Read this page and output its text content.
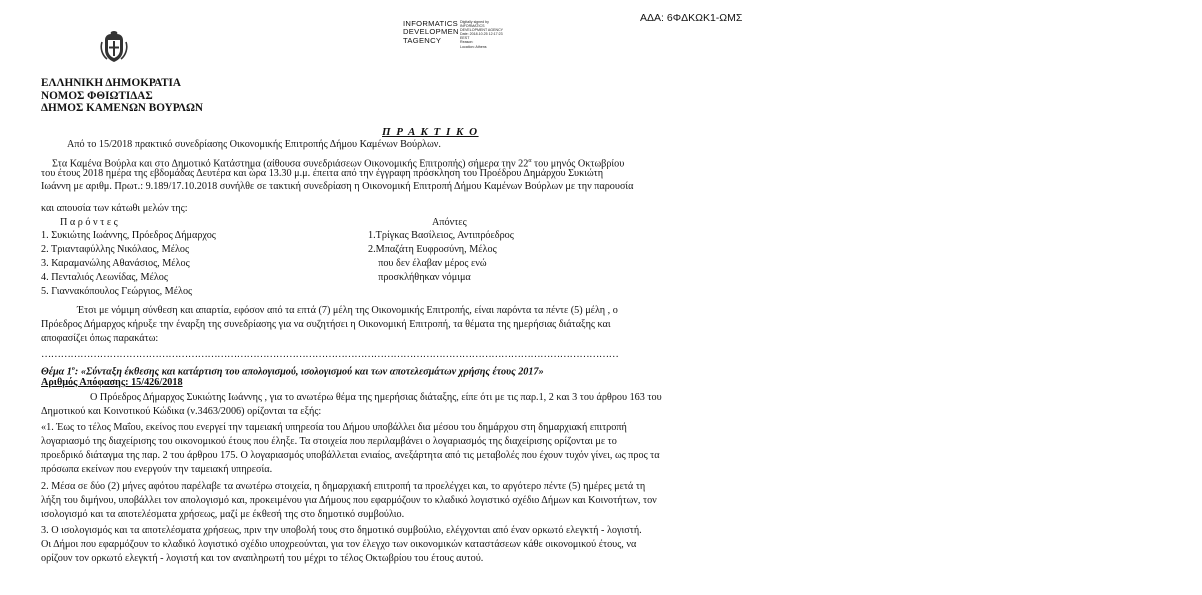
ΑΔΑ: 6ΦΔΚΩΚ1-ΩΜΣ
INFORMATICS
DEVELOPMEN
TAGENCY
Digitally signed by
INFORMATICS
DEVELOPMENT AGENCY
Date: 2018.10.25 12:17:23
EEST
Reason:
Location: Athens
ΕΛΛΗΝΙΚΗ ΔΗΜΟΚΡΑΤΙΑ
ΝΟΜΟΣ ΦΘΙΩΤΙΔΑΣ
ΔΗΜΟΣ ΚΑΜΕΝΩΝ ΒΟΥΡΛΩΝ
Π Ρ Α Κ Τ Ι Κ Ο
Από το 15/2018 πρακτικό συνεδρίασης Οικονομικής Επιτροπής Δήμου Καμένων Βούρλων.
Στα Καμένα Βούρλα και στο Δημοτικό Κατάστημα (αίθουσα συνεδριάσεων Οικονομικής Επιτροπής) σήμερα την $22^\alpha$ του μηνός Οκτωβρίου
του έτους 2018 ημέρα της εβδομάδας Δευτέρα και ώρα 13.30 μ.μ. έπειτα από την έγγραφη πρόσκληση του Προέδρου Δημάρχου Συκιώτη
Ιωάννη με αριθμ. Πρωτ.: 9.189/17.10.2018 συνήλθε σε τακτική συνεδρίαση η Οικονομική Επιτροπή Δήμου Καμένων Βούρλων με την παρουσία
και απουσία των κάτωθι μελών της:
Π α ρ ό ν τ ε ς	Απόντες
1. Συκιώτης Ιωάννης, Πρόεδρος Δήμαρχος
2. Τριανταφύλλης Νικόλαος, Μέλος
3. Καραμανώλης Αθανάσιος, Μέλος
4. Πενταλιός Λεωνίδας, Μέλος
5. Γιαννακόπουλος Γεώργιος, Μέλος
1.Τρίγκας Βασίλειος, Αντιπρόεδρος
2.Μπαζάτη Ευφροσύνη, Μέλος
που δεν έλαβαν μέρος ενώ
προσκλήθηκαν νόμιμα
Έτσι με νόμιμη σύνθεση και απαρτία, εφόσον από τα επτά (7) μέλη της Οικονομικής Επιτροπής, είναι παρόντα τα πέντε (5) μέλη , ο
Πρόεδρος Δήμαρχος κήρυξε την έναρξη της συνεδρίασης για να συζητήσει η Οικονομική Επιτροπή, τα θέματα της ημερήσιας διάταξης και
αποφασίζει όπως παρακάτω:
……………………………………………………………………………………………………………………………………………………………
Θέμα $1^o$: «Σύνταξη έκθεσης και κατάρτιση του απολογισμού, ισολογισμού και των αποτελεσμάτων χρήσης έτους 2017»
Αριθμός Απόφασης: 15/426/2018
Ο Πρόεδρος Δήμαρχος Συκιώτης Ιωάννης , για το ανωτέρω θέμα της ημερήσιας διάταξης, είπε ότι με τις παρ.1, 2 και 3 του άρθρου 163 του
Δημοτικού και Κοινοτικού Κώδικα (ν.3463/2006) ορίζονται τα εξής:
«1. Έως το τέλος Μαΐου, εκείνος που ενεργεί την ταμειακή υπηρεσία του Δήμου υποβάλλει δια μέσου του δημάρχου στη δημαρχιακή επιτροπή
λογαριασμό της διαχείρισης του οικονομικού έτους που έληξε. Τα στοιχεία που περιλαμβάνει ο λογαριασμός της διαχείρισης ορίζονται με το
προεδρικό διάταγμα της παρ. 2 του άρθρου 175. Ο λογαριασμός υποβάλλεται ενιαίος, ανεξάρτητα από τις μεταβολές που έχουν τυχόν γίνει, ως προς τα
πρόσωπα εκείνων που ενεργούν την ταμειακή υπηρεσία.
2. Μέσα σε δύο (2) μήνες αφότου παρέλαβε τα ανωτέρω στοιχεία, η δημαρχιακή επιτροπή τα προελέγχει και, το αργότερο πέντε (5) ημέρες μετά τη
λήξη του διμήνου, υποβάλλει τον απολογισμό και, προκειμένου για Δήμους που εφαρμόζουν το κλαδικό λογιστικό σχέδιο Δήμων και Κοινοτήτων, τον
ισολογισμό και τα αποτελέσματα χρήσεως, μαζί με έκθεσή της στο δημοτικό συμβούλιο.
3. Ο ισολογισμός και τα αποτελέσματα χρήσεως, πριν την υποβολή τους στο δημοτικό συμβούλιο, ελέγχονται από έναν ορκωτό ελεγκτή - λογιστή.
Οι Δήμοι που εφαρμόζουν το κλαδικό λογιστικό σχέδιο υποχρεούνται, για τον έλεγχο των οικονομικών καταστάσεων κάθε οικονομικού έτους, να
ορίζουν τον ορκωτό ελεγκτή - λογιστή και τον αναπληρωτή του μέχρι το τέλος Οκτωβρίου του έτους αυτού.
